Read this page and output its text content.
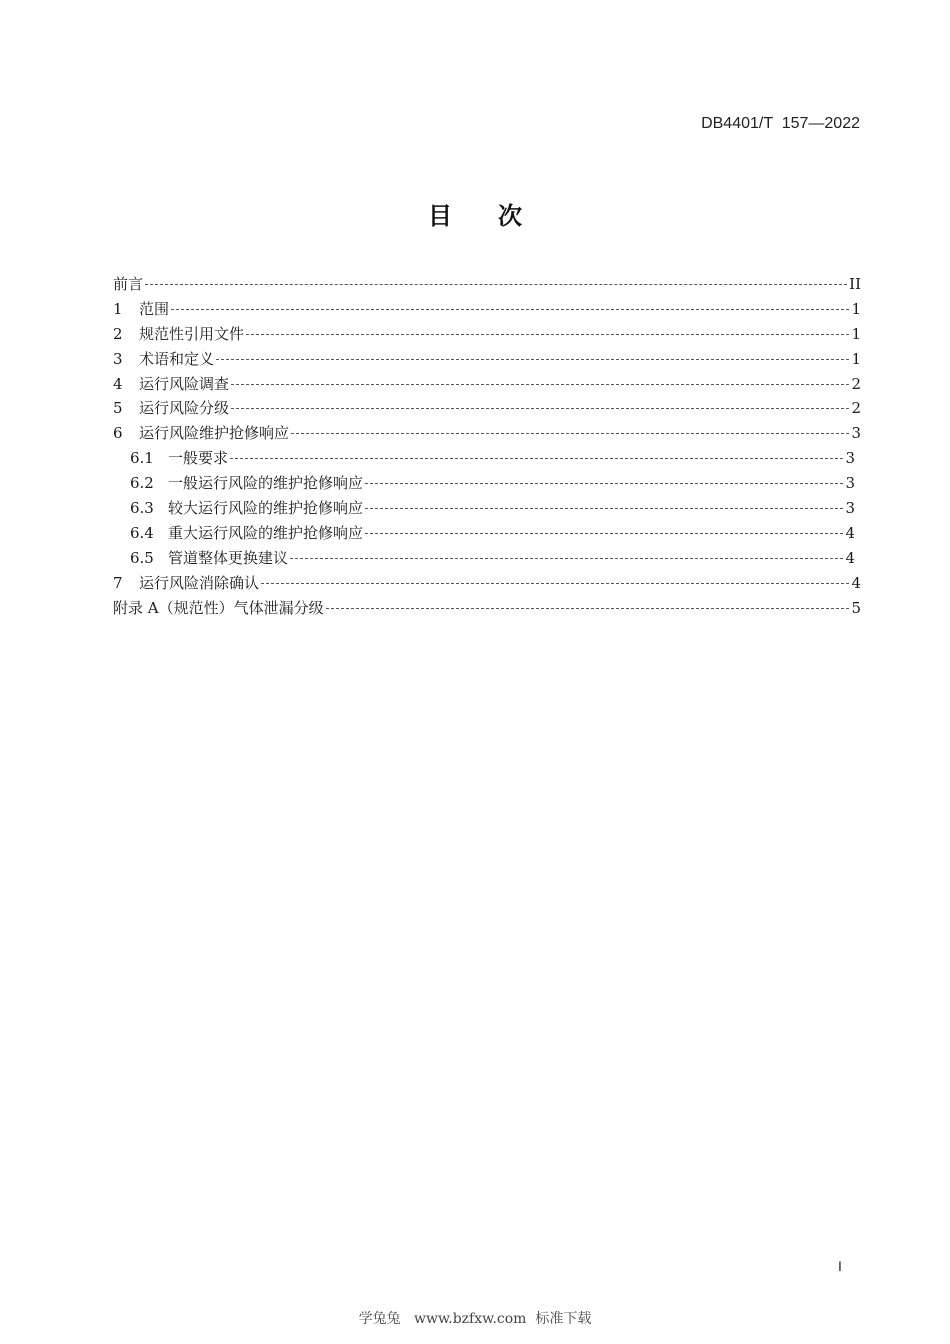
DB4401/T  157—2022
目 次
前言	II
1	范围	1
2	规范性引用文件	1
3	术语和定义	1
4	运行风险调查	2
5	运行风险分级	2
6	运行风险维护抢修响应	3
6.1 一般要求	3
6.2 一般运行风险的维护抢修响应	3
6.3 较大运行风险的维护抢修响应	3
6.4 重大运行风险的维护抢修响应	4
6.5 管道整体更换建议	4
7	运行风险消除确认	4
附录 A（规范性）气体泄漏分级	5
I
学兔兔   www.bzfxw.com  标准下载
